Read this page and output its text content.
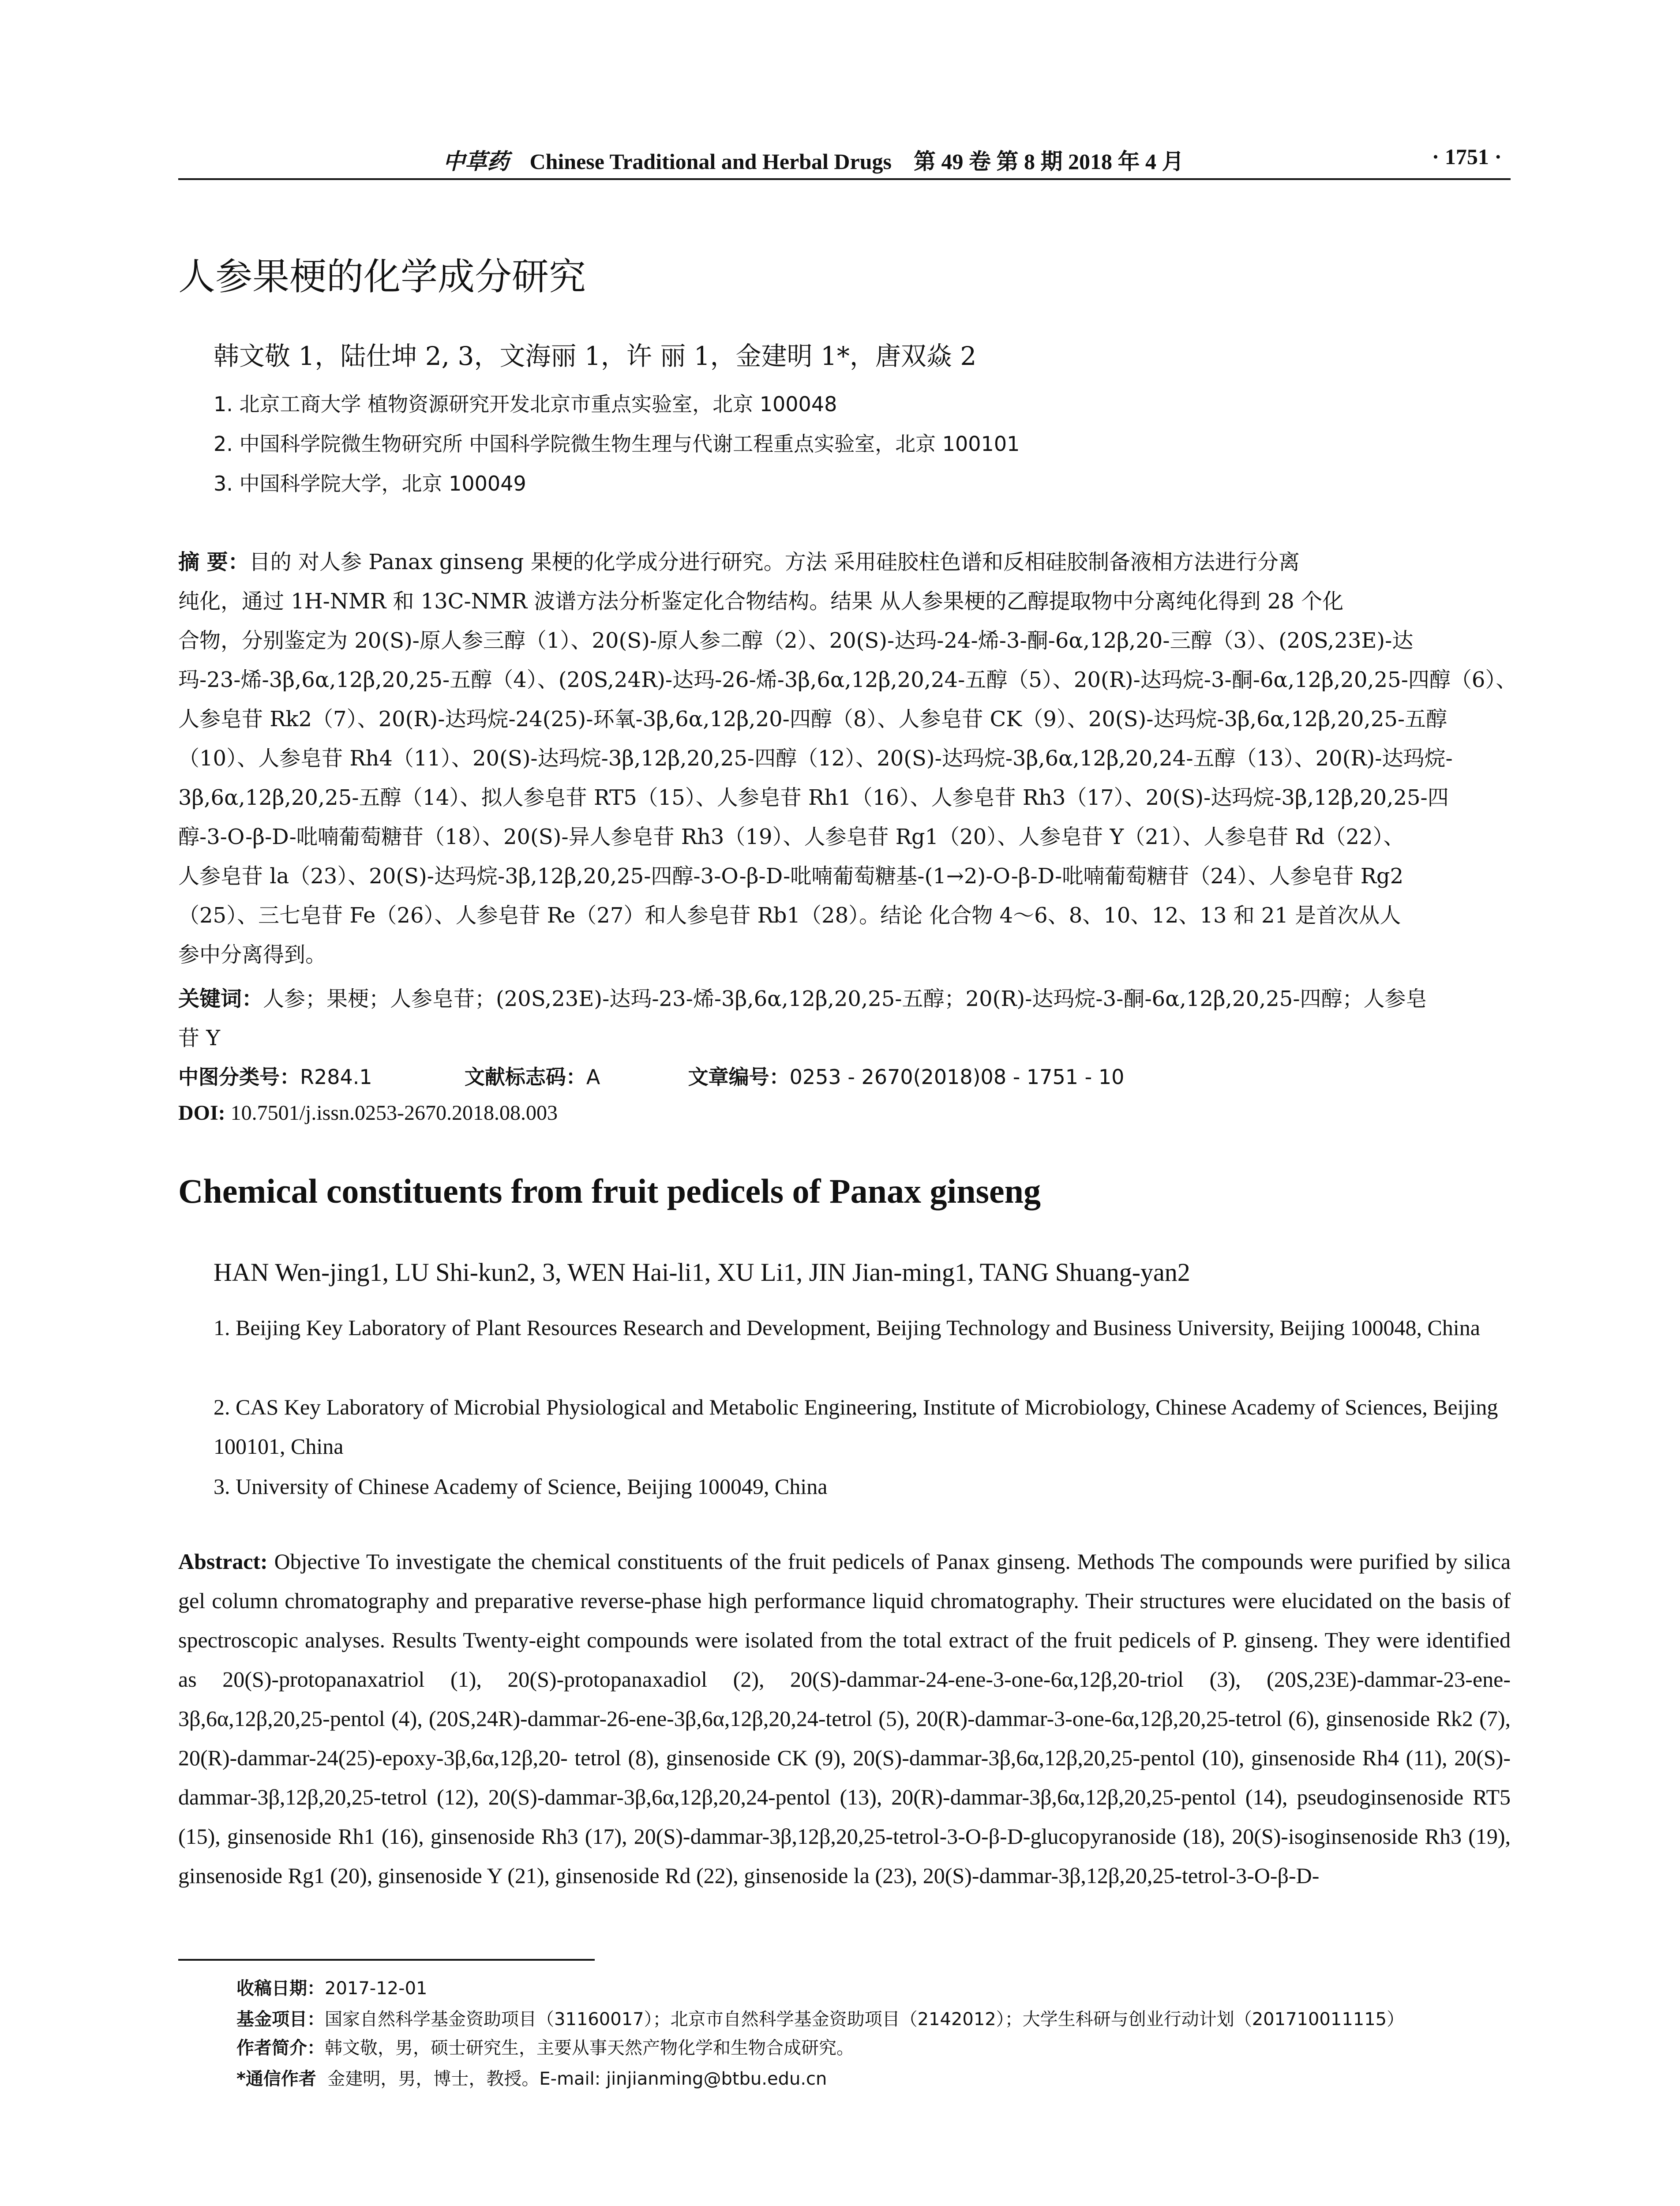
中草药 Chinese Traditional and Herbal Drugs 第 49 卷 第 8 期 2018 年 4 月	· 1751 ·
人参果梗的化学成分研究
韩文敬 1，陆仕坤 2, 3，文海丽 1，许 丽 1，金建明 1*，唐双焱 2
1. 北京工商大学 植物资源研究开发北京市重点实验室，北京 100048
2. 中国科学院微生物研究所 中国科学院微生物生理与代谢工程重点实验室，北京 100101
3. 中国科学院大学，北京 100049
摘 要：目的 对人参 Panax ginseng 果梗的化学成分进行研究。方法 采用硅胶柱色谱和反相硅胶制备液相方法进行分离
纯化，通过 1H-NMR 和 13C-NMR 波谱方法分析鉴定化合物结构。结果 从人参果梗的乙醇提取物中分离纯化得到 28 个化
合物，分别鉴定为 20(S)-原人参三醇（1）、20(S)-原人参二醇（2）、20(S)-达玛-24-烯-3-酮-6α,12β,20-三醇（3）、(20S,23E)-达
玛-23-烯-3β,6α,12β,20,25-五醇（4）、(20S,24R)-达玛-26-烯-3β,6α,12β,20,24-五醇（5）、20(R)-达玛烷-3-酮-6α,12β,20,25-四醇（6）、
人参皂苷 Rk2（7）、20(R)-达玛烷-24(25)-环氧-3β,6α,12β,20-四醇（8）、人参皂苷 CK（9）、20(S)-达玛烷-3β,6α,12β,20,25-五醇
（10）、人参皂苷 Rh4（11）、20(S)-达玛烷-3β,12β,20,25-四醇（12）、20(S)-达玛烷-3β,6α,12β,20,24-五醇（13）、20(R)-达玛烷-
3β,6α,12β,20,25-五醇（14）、拟人参皂苷 RT5（15）、人参皂苷 Rh1（16）、人参皂苷 Rh3（17）、20(S)-达玛烷-3β,12β,20,25-四
醇-3-O-β-D-吡喃葡萄糖苷（18）、20(S)-异人参皂苷 Rh3（19）、人参皂苷 Rg1（20）、人参皂苷 Y（21）、人参皂苷 Rd（22）、
人参皂苷 la（23）、20(S)-达玛烷-3β,12β,20,25-四醇-3-O-β-D-吡喃葡萄糖基-(1→2)-O-β-D-吡喃葡萄糖苷（24）、人参皂苷 Rg2
（25）、三七皂苷 Fe（26）、人参皂苷 Re（27）和人参皂苷 Rb1（28）。结论 化合物 4～6、8、10、12、13 和 21 是首次从人
参中分离得到。
关键词：人参；果梗；人参皂苷；(20S,23E)-达玛-23-烯-3β,6α,12β,20,25-五醇；20(R)-达玛烷-3-酮-6α,12β,20,25-四醇；人参皂
苷 Y
中图分类号：R284.1	文献标志码：A	文章编号：0253 - 2670(2018)08 - 1751 - 10
DOI: 10.7501/j.issn.0253-2670.2018.08.003
Chemical constituents from fruit pedicels of Panax ginseng
HAN Wen-jing1, LU Shi-kun2, 3, WEN Hai-li1, XU Li1, JIN Jian-ming1, TANG Shuang-yan2
1. Beijing Key Laboratory of Plant Resources Research and Development, Beijing Technology and Business University, Beijing 100048, China
2. CAS Key Laboratory of Microbial Physiological and Metabolic Engineering, Institute of Microbiology, Chinese Academy of Sciences, Beijing 100101, China
3. University of Chinese Academy of Science, Beijing 100049, China
Abstract: Objective To investigate the chemical constituents of the fruit pedicels of Panax ginseng. Methods The compounds were purified by silica gel column chromatography and preparative reverse-phase high performance liquid chromatography. Their structures were elucidated on the basis of spectroscopic analyses. Results Twenty-eight compounds were isolated from the total extract of the fruit pedicels of P. ginseng. They were identified as 20(S)-protopanaxatriol (1), 20(S)-protopanaxadiol (2), 20(S)-dammar-24-ene-3-one-6α,12β,20-triol (3), (20S,23E)-dammar-23-ene-3β,6α,12β,20,25-pentol (4), (20S,24R)-dammar-26-ene-3β,6α,12β,20,24-tetrol (5), 20(R)-dammar-3-one-6α,12β,20,25-tetrol (6), ginsenoside Rk2 (7), 20(R)-dammar-24(25)-epoxy-3β,6α,12β,20- tetrol (8), ginsenoside CK (9), 20(S)-dammar-3β,6α,12β,20,25-pentol (10), ginsenoside Rh4 (11), 20(S)-dammar-3β,12β,20,25-tetrol (12), 20(S)-dammar-3β,6α,12β,20,24-pentol (13), 20(R)-dammar-3β,6α,12β,20,25-pentol (14), pseudoginsenoside RT5 (15), ginsenoside Rh1 (16), ginsenoside Rh3 (17), 20(S)-dammar-3β,12β,20,25-tetrol-3-O-β-D-glucopyranoside (18), 20(S)-isoginsenoside Rh3 (19), ginsenoside Rg1 (20), ginsenoside Y (21), ginsenoside Rd (22), ginsenoside la (23), 20(S)-dammar-3β,12β,20,25-tetrol-3-O-β-D-
收稿日期：2017-12-01
基金项目：国家自然科学基金资助项目（31160017）；北京市自然科学基金资助项目（2142012）；大学生科研与创业行动计划（201710011115）
作者简介：韩文敬，男，硕士研究生，主要从事天然产物化学和生物合成研究。
*通信作者 金建明，男，博士，教授。E-mail: jinjianming@btbu.edu.cn
